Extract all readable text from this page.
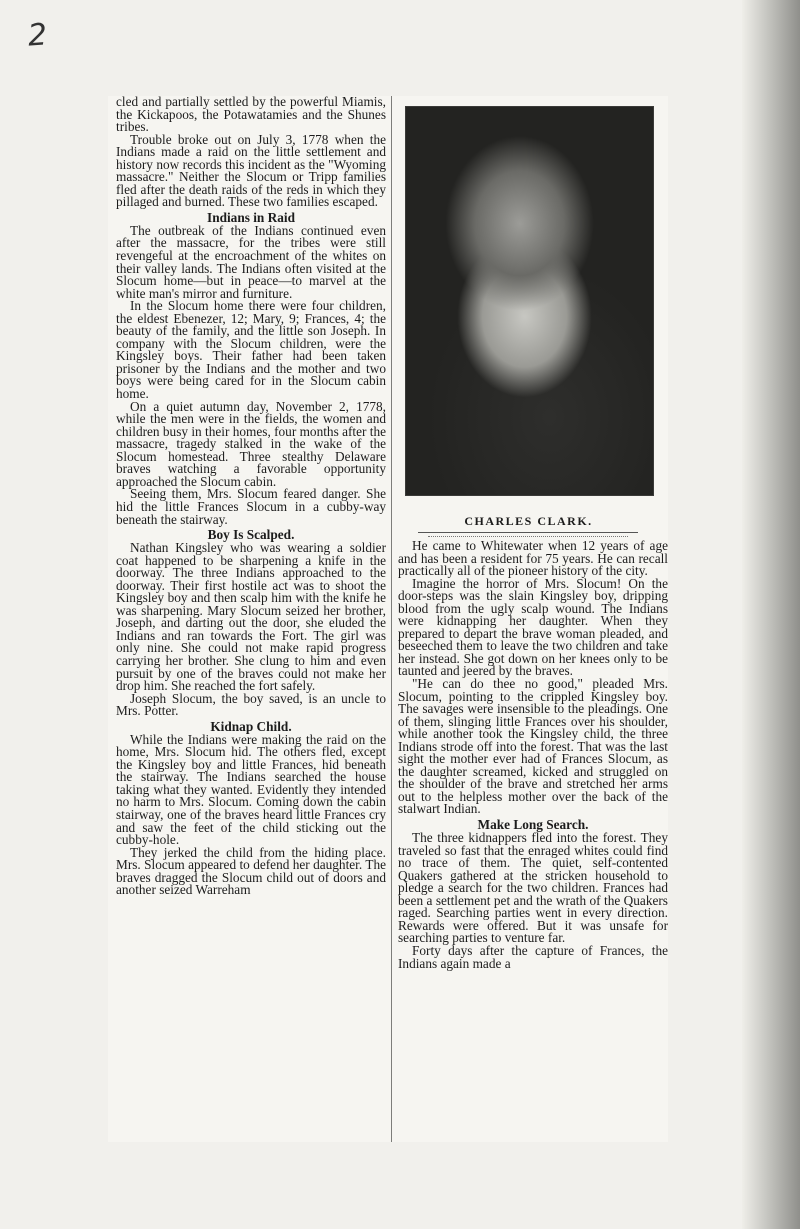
2

cled and partially settled by the powerful Miamis, the Kickapoos, the Potawatamies and the Shunes tribes.

Trouble broke out on July 3, 1778 when the Indians made a raid on the little settlement and history now records this incident as the "Wyoming massacre." Neither the Slocum or Tripp families fled after the death raids of the reds in which they pillaged and burned. These two families escaped.

Indians in Raid

The outbreak of the Indians continued even after the massacre, for the tribes were still revengeful at the encroachment of the whites on their valley lands. The Indians often visited at the Slocum home—but in peace—to marvel at the white man's mirror and furniture.

In the Slocum home there were four children, the eldest Ebenezer, 12; Mary, 9; Frances, 4; the beauty of the family, and the little son Joseph. In company with the Slocum children, were the Kingsley boys. Their father had been taken prisoner by the Indians and the mother and two boys were being cared for in the Slocum cabin home.

On a quiet autumn day, November 2, 1778, while the men were in the fields, the women and children busy in their homes, four months after the massacre, tragedy stalked in the wake of the Slocum homestead. Three stealthy Delaware braves watching a favorable opportunity approached the Slocum cabin.

Seeing them, Mrs. Slocum feared danger. She hid the little Frances Slocum in a cubby-way beneath the stairway.

Boy Is Scalped.

Nathan Kingsley who was wearing a soldier coat happened to be sharpening a knife in the doorway. The three Indians approached to the doorway. Their first hostile act was to shoot the Kingsley boy and then scalp him with the knife he was sharpening. Mary Slocum seized her brother, Joseph, and darting out the door, she eluded the Indians and ran towards the Fort. The girl was only nine. She could not make rapid progress carrying her brother. She clung to him and even pursuit by one of the braves could not make her drop him. She reached the fort safely.

Joseph Slocum, the boy saved, is an uncle to Mrs. Potter.

Kidnap Child.

While the Indians were making the raid on the home, Mrs. Slocum hid. The others fled, except the Kingsley boy and little Frances, hid beneath the stairway. The Indians searched the house taking what they wanted. Evidently they intended no harm to Mrs. Slocum. Coming down the cabin stairway, one of the braves heard little Frances cry and saw the feet of the child sticking out the cubby-hole.

They jerked the child from the hiding place. Mrs. Slocum appeared to defend her daughter. The braves dragged the Slocum child out of doors and another seized Warreham

CHARLES CLARK.

He came to Whitewater when 12 years of age and has been a resident for 75 years. He can recall practically all of the pioneer history of the city.

Imagine the horror of Mrs. Slocum! On the door-steps was the slain Kingsley boy, dripping blood from the ugly scalp wound. The Indians were kidnapping her daughter. When they prepared to depart the brave woman pleaded, and beseeched them to leave the two children and take her instead. She got down on her knees only to be taunted and jeered by the braves.

"He can do thee no good," pleaded Mrs. Slocum, pointing to the crippled Kingsley boy. The savages were insensible to the pleadings. One of them, slinging little Frances over his shoulder, while another took the Kingsley child, the three Indians strode off into the forest. That was the last sight the mother ever had of Frances Slocum, as the daughter screamed, kicked and struggled on the shoulder of the brave and stretched her arms out to the helpless mother over the back of the stalwart Indian.

Make Long Search.

The three kidnappers fled into the forest. They traveled so fast that the enraged whites could find no trace of them. The quiet, self-contented Quakers gathered at the stricken household to pledge a search for the two children. Frances had been a settlement pet and the wrath of the Quakers raged. Searching parties went in every direction. Rewards were offered. But it was unsafe for searching parties to venture far.

Forty days after the capture of Frances, the Indians again made a
